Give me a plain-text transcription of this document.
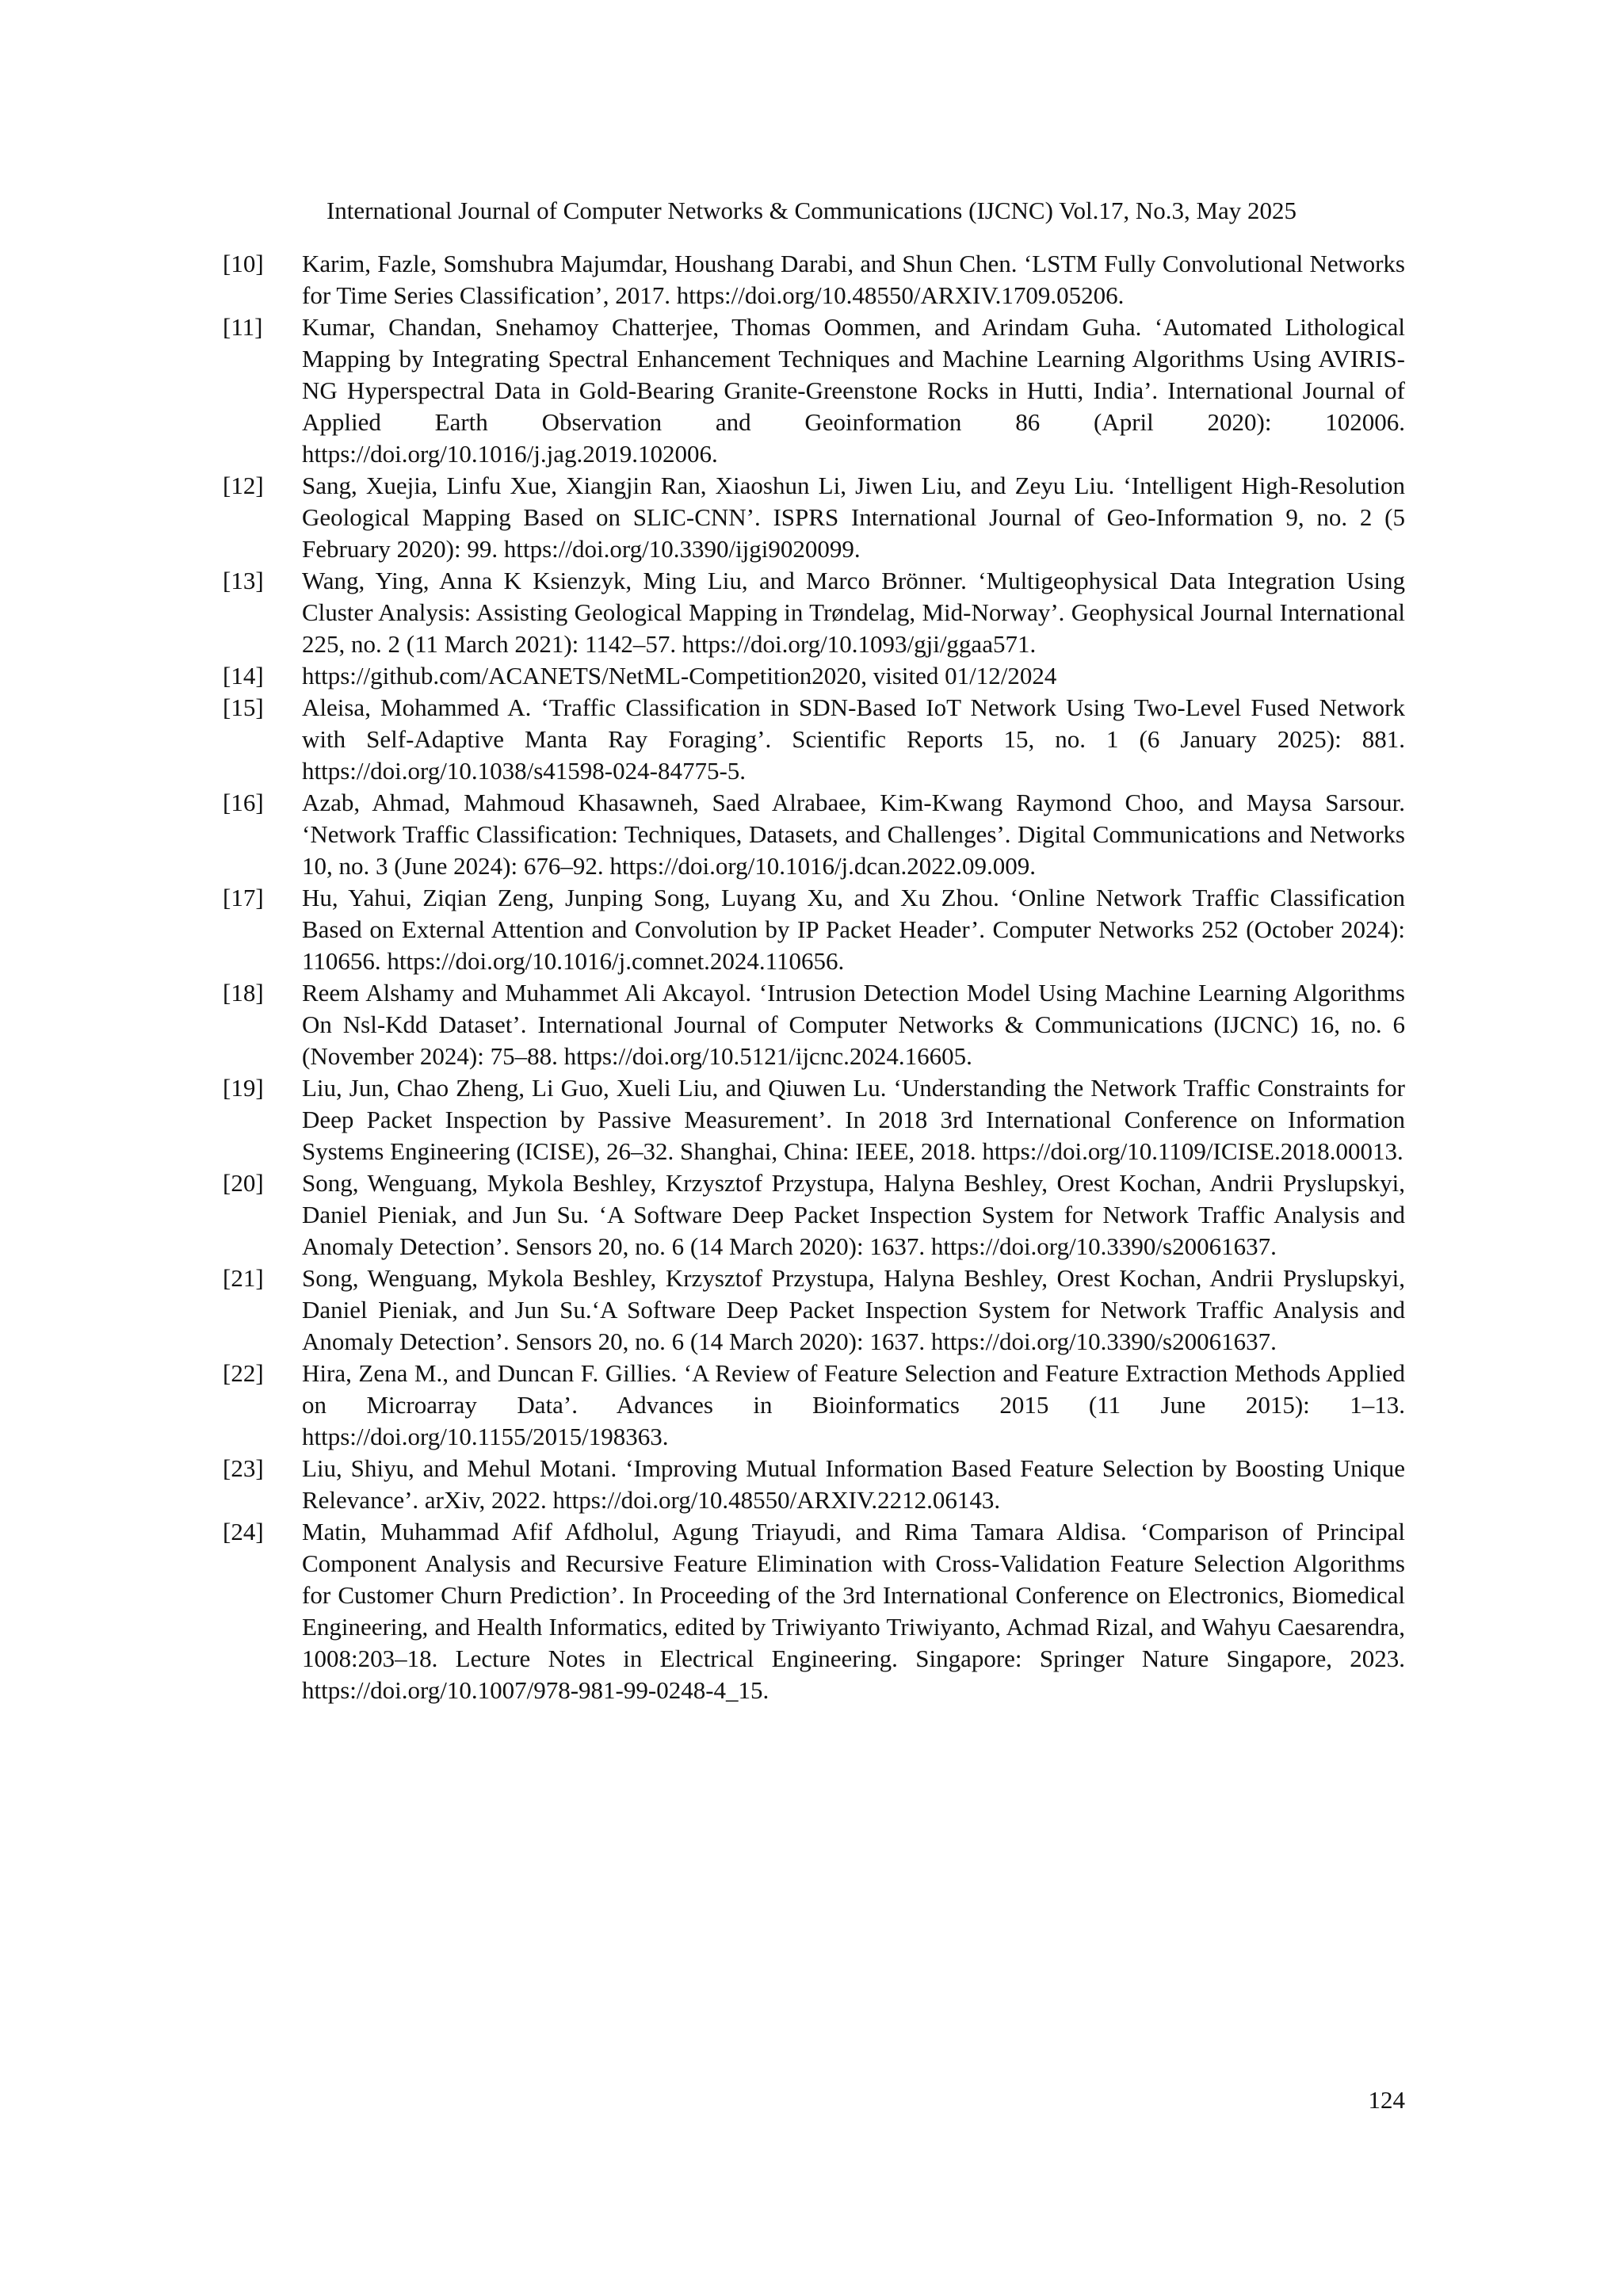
International Journal of Computer Networks & Communications (IJCNC) Vol.17, No.3, May 2025
[10]	Karim, Fazle, Somshubra Majumdar, Houshang Darabi, and Shun Chen. ‘LSTM Fully Convolutional Networks for Time Series Classification’, 2017. https://doi.org/10.48550/ARXIV.1709.05206.
[11]	Kumar, Chandan, Snehamoy Chatterjee, Thomas Oommen, and Arindam Guha. ‘Automated Lithological Mapping by Integrating Spectral Enhancement Techniques and Machine Learning Algorithms Using AVIRIS-NG Hyperspectral Data in Gold-Bearing Granite-Greenstone Rocks in Hutti, India’. International Journal of Applied Earth Observation and Geoinformation 86 (April 2020): 102006. https://doi.org/10.1016/j.jag.2019.102006.
[12]	Sang, Xuejia, Linfu Xue, Xiangjin Ran, Xiaoshun Li, Jiwen Liu, and Zeyu Liu. ‘Intelligent High-Resolution Geological Mapping Based on SLIC-CNN’. ISPRS International Journal of Geo-Information 9, no. 2 (5 February 2020): 99. https://doi.org/10.3390/ijgi9020099.
[13]	Wang, Ying, Anna K Ksienzyk, Ming Liu, and Marco Brönner. ‘Multigeophysical Data Integration Using Cluster Analysis: Assisting Geological Mapping in Trøndelag, Mid-Norway’. Geophysical Journal International 225, no. 2 (11 March 2021): 1142–57. https://doi.org/10.1093/gji/ggaa571.
[14]	https://github.com/ACANETS/NetML-Competition2020, visited 01/12/2024
[15]	Aleisa, Mohammed A. ‘Traffic Classification in SDN-Based IoT Network Using Two-Level Fused Network with Self-Adaptive Manta Ray Foraging’. Scientific Reports 15, no. 1 (6 January 2025): 881. https://doi.org/10.1038/s41598-024-84775-5.
[16]	Azab, Ahmad, Mahmoud Khasawneh, Saed Alrabaee, Kim-Kwang Raymond Choo, and Maysa Sarsour. ‘Network Traffic Classification: Techniques, Datasets, and Challenges’. Digital Communications and Networks 10, no. 3 (June 2024): 676–92. https://doi.org/10.1016/j.dcan.2022.09.009.
[17]	Hu, Yahui, Ziqian Zeng, Junping Song, Luyang Xu, and Xu Zhou. ‘Online Network Traffic Classification Based on External Attention and Convolution by IP Packet Header’. Computer Networks 252 (October 2024): 110656. https://doi.org/10.1016/j.comnet.2024.110656.
[18]	Reem Alshamy and Muhammet Ali Akcayol. ‘Intrusion Detection Model Using Machine Learning Algorithms On Nsl-Kdd Dataset’. International Journal of Computer Networks & Communications (IJCNC) 16, no. 6 (November 2024): 75–88. https://doi.org/10.5121/ijcnc.2024.16605.
[19]	Liu, Jun, Chao Zheng, Li Guo, Xueli Liu, and Qiuwen Lu. ‘Understanding the Network Traffic Constraints for Deep Packet Inspection by Passive Measurement’. In 2018 3rd International Conference on Information Systems Engineering (ICISE), 26–32. Shanghai, China: IEEE, 2018. https://doi.org/10.1109/ICISE.2018.00013.
[20]	Song, Wenguang, Mykola Beshley, Krzysztof Przystupa, Halyna Beshley, Orest Kochan, Andrii Pryslupskyi, Daniel Pieniak, and Jun Su. ‘A Software Deep Packet Inspection System for Network Traffic Analysis and Anomaly Detection’. Sensors 20, no. 6 (14 March 2020): 1637. https://doi.org/10.3390/s20061637.
[21]	Song, Wenguang, Mykola Beshley, Krzysztof Przystupa, Halyna Beshley, Orest Kochan, Andrii Pryslupskyi, Daniel Pieniak, and Jun Su.‘A Software Deep Packet Inspection System for Network Traffic Analysis and Anomaly Detection’. Sensors 20, no. 6 (14 March 2020): 1637. https://doi.org/10.3390/s20061637.
[22]	Hira, Zena M., and Duncan F. Gillies. ‘A Review of Feature Selection and Feature Extraction Methods Applied on Microarray Data’. Advances in Bioinformatics 2015 (11 June 2015): 1–13. https://doi.org/10.1155/2015/198363.
[23]	Liu, Shiyu, and Mehul Motani. ‘Improving Mutual Information Based Feature Selection by Boosting Unique Relevance’. arXiv, 2022. https://doi.org/10.48550/ARXIV.2212.06143.
[24]	Matin, Muhammad Afif Afdholul, Agung Triayudi, and Rima Tamara Aldisa. ‘Comparison of Principal Component Analysis and Recursive Feature Elimination with Cross-Validation Feature Selection Algorithms for Customer Churn Prediction’. In Proceeding of the 3rd International Conference on Electronics, Biomedical Engineering, and Health Informatics, edited by Triwiyanto Triwiyanto, Achmad Rizal, and Wahyu Caesarendra, 1008:203–18. Lecture Notes in Electrical Engineering. Singapore: Springer Nature Singapore, 2023. https://doi.org/10.1007/978-981-99-0248-4_15.
124
